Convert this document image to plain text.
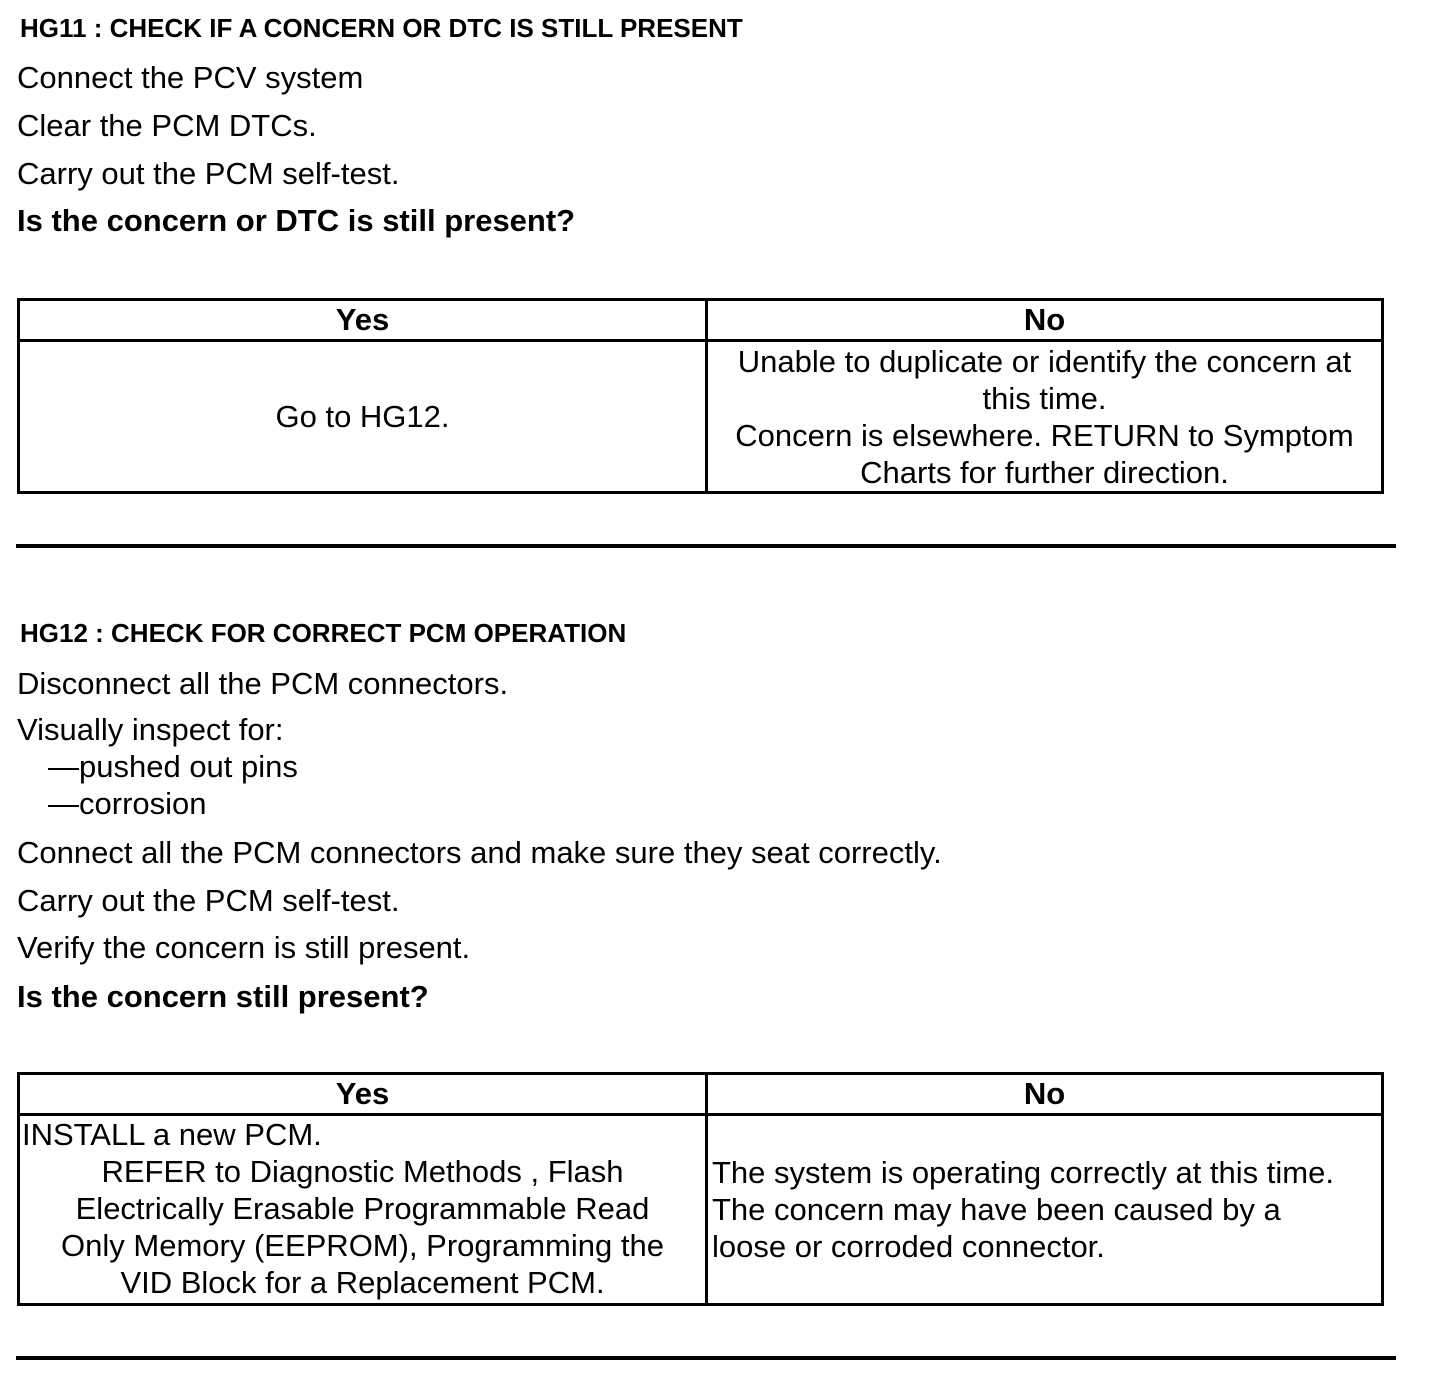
HG11 : CHECK IF A CONCERN OR DTC IS STILL PRESENT
Connect the PCV system
Clear the PCM DTCs.
Carry out the PCM self-test.
Is the concern or DTC is still present?
Yes	No
Go to HG12.	Unable to duplicate or identify the concern at
this time.
Concern is elsewhere. RETURN to Symptom
Charts for further direction.
HG12 : CHECK FOR CORRECT PCM OPERATION
Disconnect all the PCM connectors.
Visually inspect for:
—pushed out pins
—corrosion
Connect all the PCM connectors and make sure they seat correctly.
Carry out the PCM self-test.
Verify the concern is still present.
Is the concern still present?
Yes	No

INSTALL a new PCM.
REFER to Diagnostic Methods , Flash
Electrically Erasable Programmable Read
Only Memory (EEPROM), Programming the
VID Block for a Replacement PCM.	The system is operating correctly at this time.
The concern may have been caused by a
loose or corroded connector.
